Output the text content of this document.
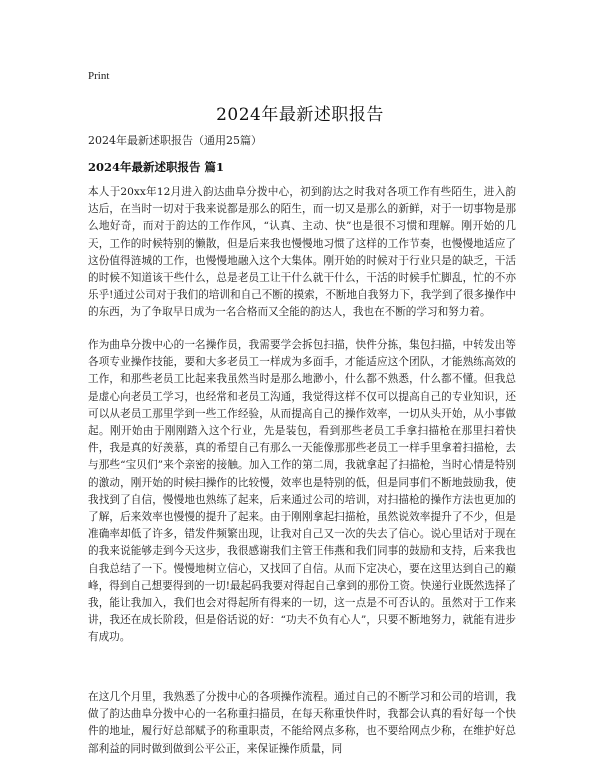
Print
2024年最新述职报告
2024年最新述职报告（通用25篇）
2024年最新述职报告 篇1

本人于20xx年12月进入韵达曲阜分拨中心，初到韵达之时我对各项工作有些陌生，进入韵达后，在当时一切对于我来说都是那么的陌生，而一切又是那么的新鲜，对于一切事物是那么地好奇，而对于韵达的工作作风，“认真、主动、快”也是很不习惯和理解。刚开始的几天，工作的时候特别的懒散，但是后来我也慢慢地习惯了这样的工作节奏，也慢慢地适应了这份值得涟城的工作，也慢慢地融入这个大集体。刚开始的时候对于行业只是的缺乏，干活的时候不知道该干些什么，总是老员工让干什么就干什么，干活的时候手忙脚乱，忙的不亦乐乎!通过公司对于我们的培训和自己不断的摸索，不断地自我努力下，我学到了很多操作中的东西，为了争取早日成为一名合格而又全能的韵达人，我也在不断的学习和努力着。

作为曲阜分拨中心的一名操作员，我需要学会拆包扫描，快件分拣，集包扫描，中转发出等各项专业操作技能，要和大多老员工一样成为多面手，才能适应这个团队，才能熟练高效的工作，和那些老员工比起来我虽然当时是那么地渺小，什么都不熟悉，什么都不懂。但我总是虚心向老员工学习，也经常和老员工沟通，我觉得这样不仅可以提高自己的专业知识，还可以从老员工那里学到一些工作经验，从而提高自己的操作效率，一切从头开始，从小事做起。刚开始由于刚刚踏入这个行业，先是装包，看到那些老员工手拿扫描枪在那里扫着快件，我是真的好羡慕，真的希望自己有那么一天能像那那些老员工一样手里拿着扫描枪，去与那些“宝贝们”来个亲密的接触。加入工作的第二周，我就拿起了扫描枪，当时心情是特别的激动，刚开始的时候扫操作的比较慢，效率也是特别的低，但是同事们不断地鼓励我，使我找到了自信，慢慢地也熟练了起来，后来通过公司的培训，对扫描枪的操作方法也更加的了解，后来效率也慢慢的提升了起来。由于刚刚拿起扫描枪，虽然说效率提升了不少，但是准确率却低了许多，错发件频繁出现，让我对自己又一次的失去了信心。说心里话对于现在的我来说能够走到今天这步，我很感谢我们主管王伟燕和我们同事的鼓励和支持，后来我也自我总结了一下。慢慢地树立信心，又找回了自信。从而下定决心，要在这里达到自己的巅峰，得到自己想要得到的一切!最起码我要对得起自己拿到的那份工资。快递行业既然选择了我，能让我加入，我们也会对得起所有得来的一切，这一点是不可否认的。虽然对于工作来讲，我还在成长阶段，但是俗话说的好：“功夫不负有心人”，只要不断地努力，就能有进步有成功。

在这几个月里，我熟悉了分拨中心的各项操作流程。通过自己的不断学习和公司的培训，我做了韵达曲阜分拨中心的一名称重扫描员，在每天称重快件时，我都会认真的看好每一个快件的地址，履行好总部赋予的称重职责，不能给网点多称，也不要给网点少称，在维护好总部利益的同时做到做到公平公正，来保证操作质量，同
